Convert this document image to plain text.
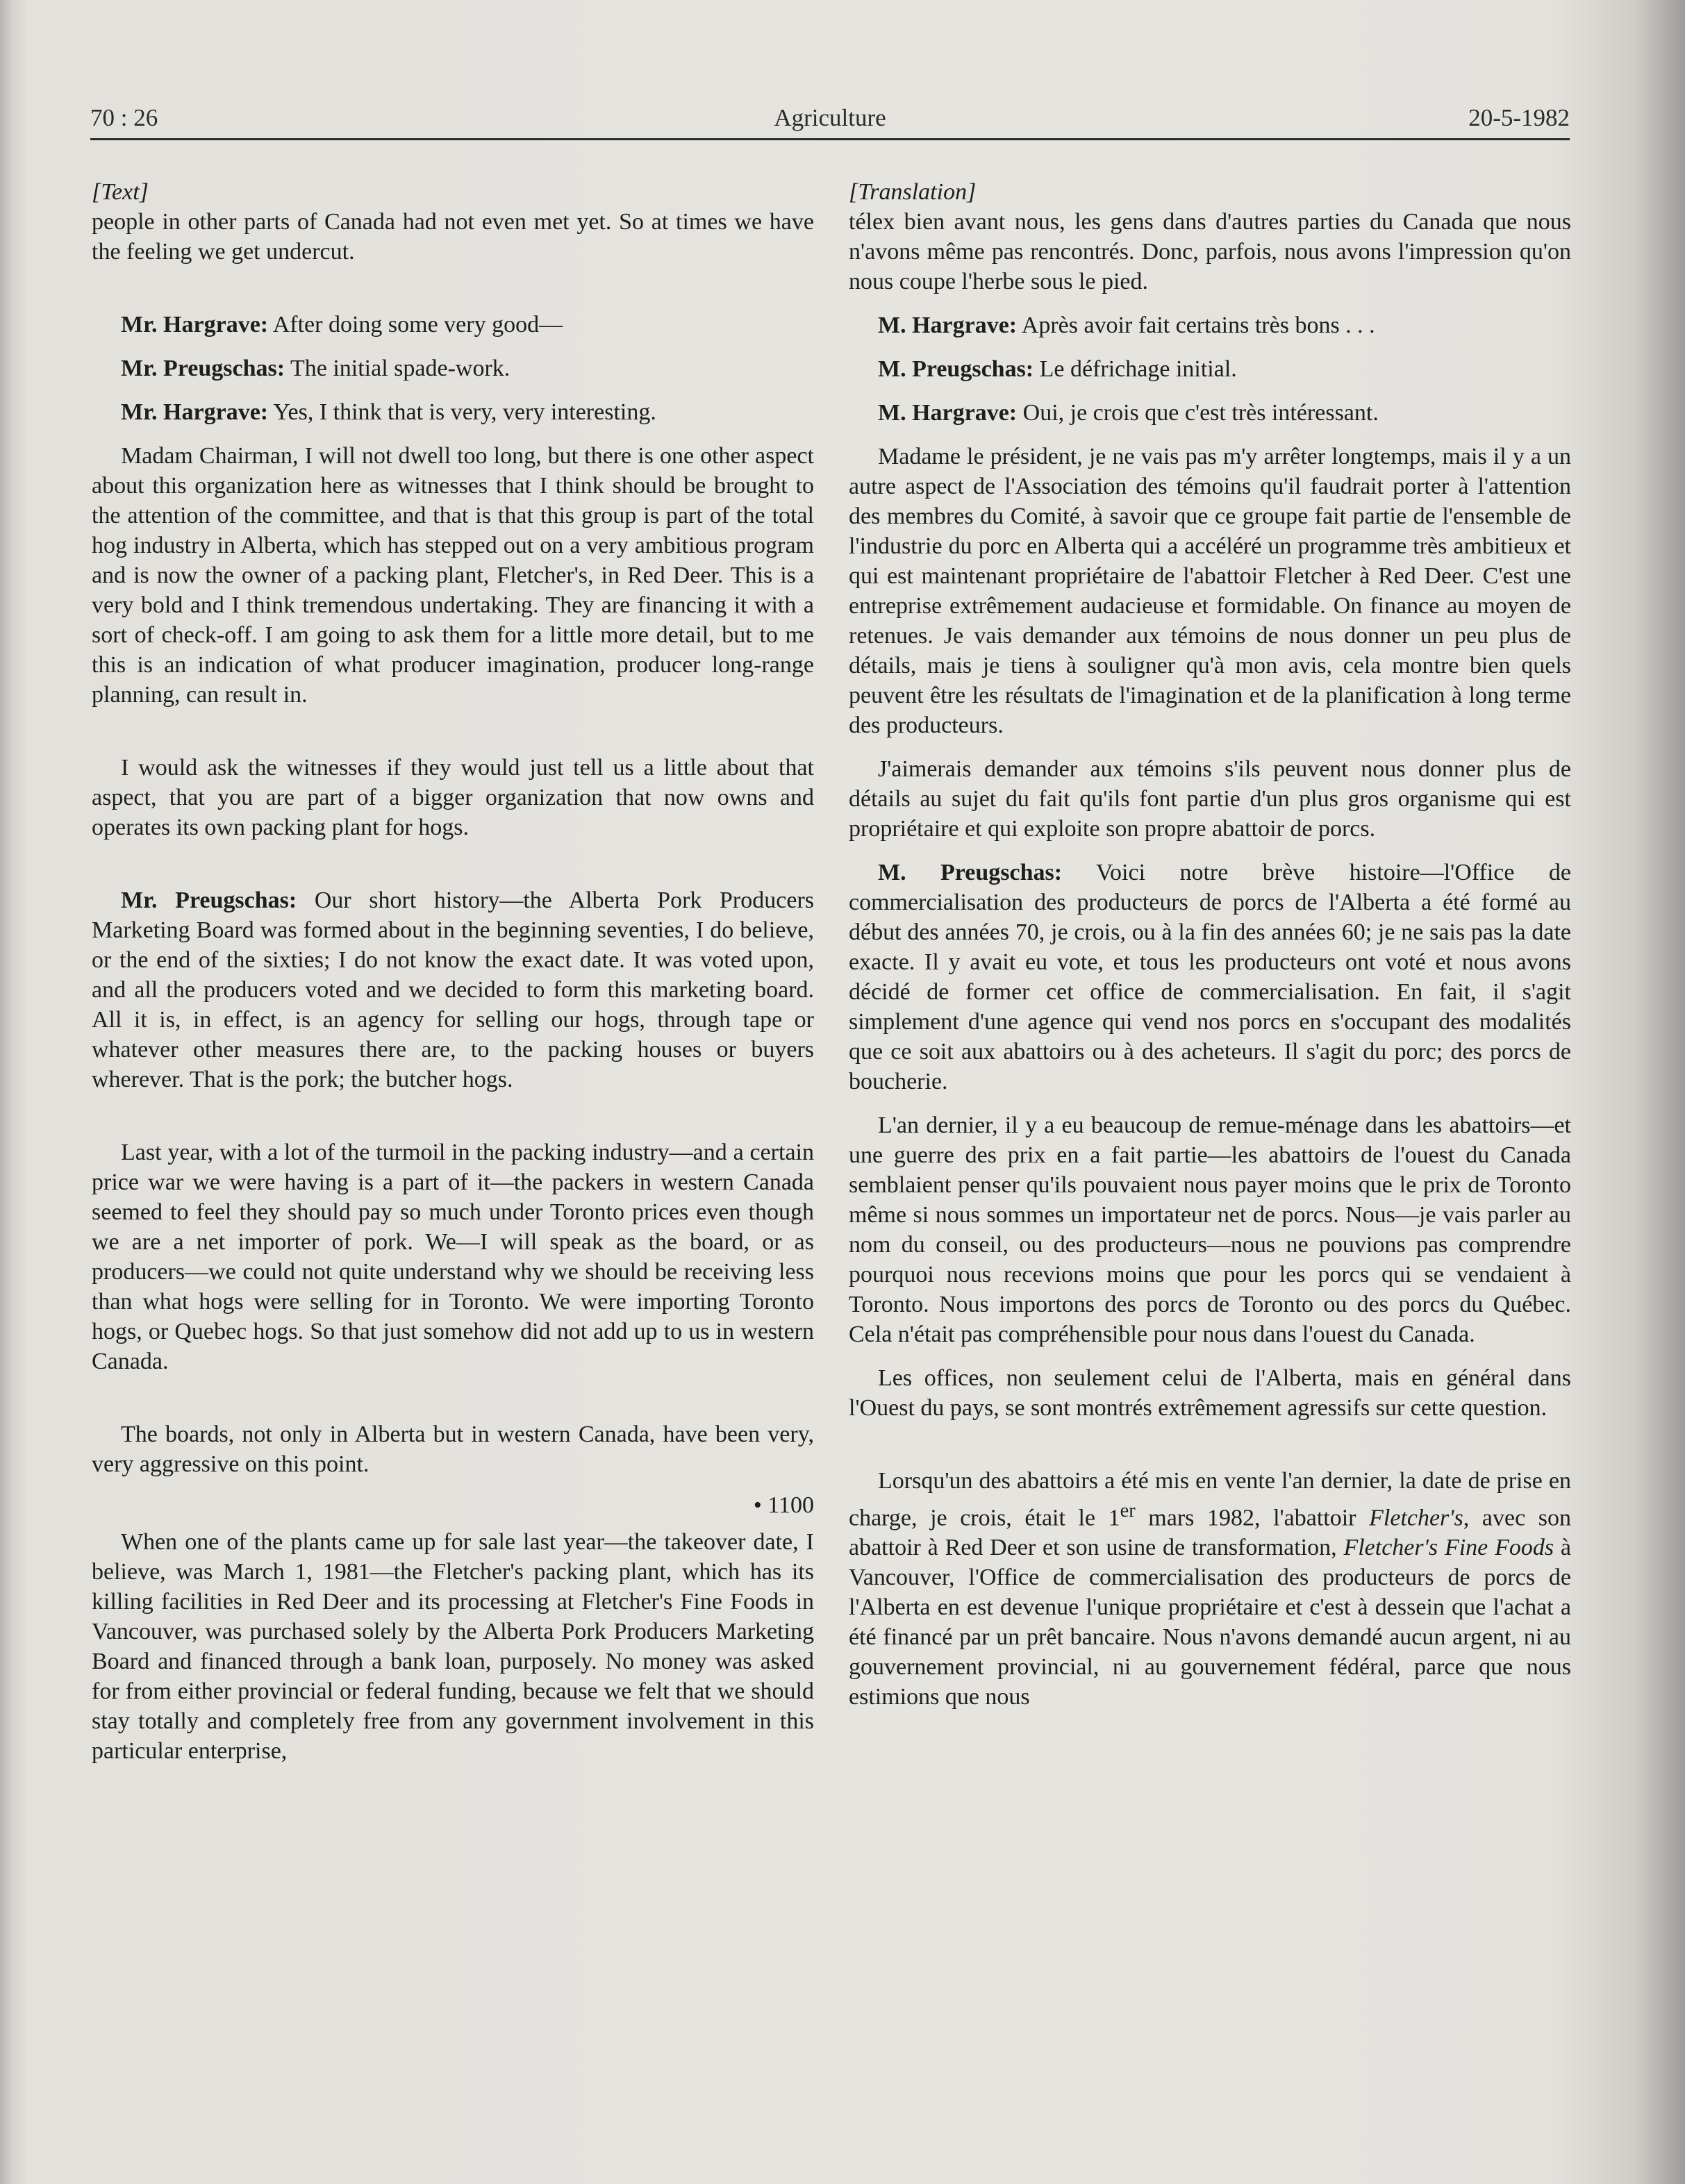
70 : 26	Agriculture	20-5-1982

[Text]

people in other parts of Canada had not even met yet. So at times we have the feeling we get undercut.

Mr. Hargrave: After doing some very good—

Mr. Preugschas: The initial spade-work.

Mr. Hargrave: Yes, I think that is very, very interesting.

Madam Chairman, I will not dwell too long, but there is one other aspect about this organization here as witnesses that I think should be brought to the attention of the committee, and that is that this group is part of the total hog industry in Alberta, which has stepped out on a very ambitious program and is now the owner of a packing plant, Fletcher's, in Red Deer. This is a very bold and I think tremendous undertaking. They are financing it with a sort of check-off. I am going to ask them for a little more detail, but to me this is an indication of what producer imagination, producer long-range planning, can result in.

I would ask the witnesses if they would just tell us a little about that aspect, that you are part of a bigger organization that now owns and operates its own packing plant for hogs.

Mr. Preugschas: Our short history—the Alberta Pork Producers Marketing Board was formed about in the beginning seventies, I do believe, or the end of the sixties; I do not know the exact date. It was voted upon, and all the producers voted and we decided to form this marketing board. All it is, in effect, is an agency for selling our hogs, through tape or whatever other measures there are, to the packing houses or buyers wherever. That is the pork; the butcher hogs.

Last year, with a lot of the turmoil in the packing industry—and a certain price war we were having is a part of it—the packers in western Canada seemed to feel they should pay so much under Toronto prices even though we are a net importer of pork. We—I will speak as the board, or as producers—we could not quite understand why we should be receiving less than what hogs were selling for in Toronto. We were importing Toronto hogs, or Quebec hogs. So that just somehow did not add up to us in western Canada.

The boards, not only in Alberta but in western Canada, have been very, very aggressive on this point.

• 1100

When one of the plants came up for sale last year—the takeover date, I believe, was March 1, 1981—the Fletcher's packing plant, which has its killing facilities in Red Deer and its processing at Fletcher's Fine Foods in Vancouver, was purchased solely by the Alberta Pork Producers Marketing Board and financed through a bank loan, purposely. No money was asked for from either provincial or federal funding, because we felt that we should stay totally and completely free from any government involvement in this particular enterprise,

[Translation]

télex bien avant nous, les gens dans d'autres parties du Canada que nous n'avons même pas rencontrés. Donc, parfois, nous avons l'impression qu'on nous coupe l'herbe sous le pied.

M. Hargrave: Après avoir fait certains très bons . . .

M. Preugschas: Le défrichage initial.

M. Hargrave: Oui, je crois que c'est très intéressant.

Madame le président, je ne vais pas m'y arrêter longtemps, mais il y a un autre aspect de l'Association des témoins qu'il faudrait porter à l'attention des membres du Comité, à savoir que ce groupe fait partie de l'ensemble de l'industrie du porc en Alberta qui a accéléré un programme très ambitieux et qui est maintenant propriétaire de l'abattoir Fletcher à Red Deer. C'est une entreprise extrêmement audacieuse et formidable. On finance au moyen de retenues. Je vais demander aux témoins de nous donner un peu plus de détails, mais je tiens à souligner qu'à mon avis, cela montre bien quels peuvent être les résultats de l'imagination et de la planification à long terme des producteurs.

J'aimerais demander aux témoins s'ils peuvent nous donner plus de détails au sujet du fait qu'ils font partie d'un plus gros organisme qui est propriétaire et qui exploite son propre abattoir de porcs.

M. Preugschas: Voici notre brève histoire—l'Office de commercialisation des producteurs de porcs de l'Alberta a été formé au début des années 70, je crois, ou à la fin des années 60; je ne sais pas la date exacte. Il y avait eu vote, et tous les producteurs ont voté et nous avons décidé de former cet office de commercialisation. En fait, il s'agit simplement d'une agence qui vend nos porcs en s'occupant des modalités que ce soit aux abattoirs ou à des acheteurs. Il s'agit du porc; des porcs de boucherie.

L'an dernier, il y a eu beaucoup de remue-ménage dans les abattoirs—et une guerre des prix en a fait partie—les abattoirs de l'ouest du Canada semblaient penser qu'ils pouvaient nous payer moins que le prix de Toronto même si nous sommes un importateur net de porcs. Nous—je vais parler au nom du conseil, ou des producteurs—nous ne pouvions pas comprendre pourquoi nous recevions moins que pour les porcs qui se vendaient à Toronto. Nous importons des porcs de Toronto ou des porcs du Québec. Cela n'était pas compréhensible pour nous dans l'ouest du Canada.

Les offices, non seulement celui de l'Alberta, mais en général dans l'Ouest du pays, se sont montrés extrêmement agressifs sur cette question.

Lorsqu'un des abattoirs a été mis en vente l'an dernier, la date de prise en charge, je crois, était le 1er mars 1982, l'abattoir Fletcher's, avec son abattoir à Red Deer et son usine de transformation, Fletcher's Fine Foods à Vancouver, l'Office de commercialisation des producteurs de porcs de l'Alberta en est devenue l'unique propriétaire et c'est à dessein que l'achat a été financé par un prêt bancaire. Nous n'avons demandé aucun argent, ni au gouvernement provincial, ni au gouvernement fédéral, parce que nous estimions que nous
